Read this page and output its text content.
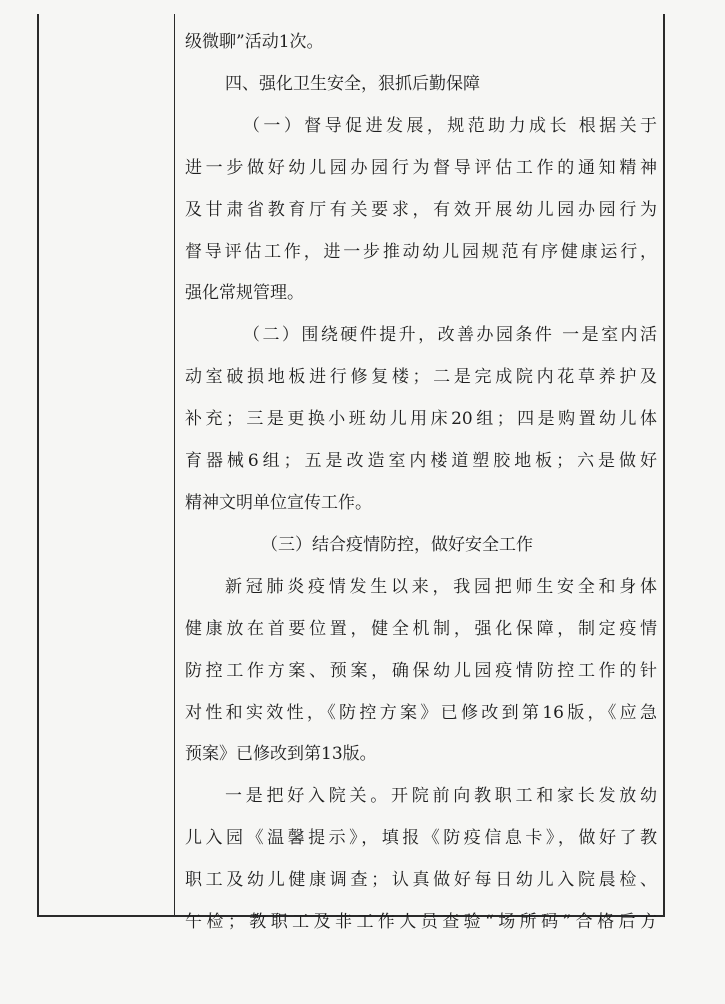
级微聊”活动1次。
四、强化卫生安全，狠抓后勤保障
（一）督导促进发展，规范助力成长 根据关于
进一步做好幼儿园办园行为督导评估工作的通知精神
及甘肃省教育厅有关要求，有效开展幼儿园办园行为
督导评估工作，进一步推动幼儿园规范有序健康运行，
强化常规管理。
（二）围绕硬件提升，改善办园条件 一是室内活
动室破损地板进行修复楼；二是完成院内花草养护及
补充；三是更换小班幼儿用床20组；四是购置幼儿体
育器械6组；五是改造室内楼道塑胶地板；六是做好
精神文明单位宣传工作。
（三）结合疫情防控，做好安全工作
新冠肺炎疫情发生以来，我园把师生安全和身体
健康放在首要位置，健全机制，强化保障，制定疫情
防控工作方案、预案，确保幼儿园疫情防控工作的针
对性和实效性，《防控方案》已修改到第16版，《应急
预案》已修改到第13版。
一是把好入院关。开院前向教职工和家长发放幼
儿入园《温馨提示》，填报《防疫信息卡》，做好了教
职工及幼儿健康调查；认真做好每日幼儿入院晨检、
午检；教职工及非工作人员查验“场所码”合格后方
